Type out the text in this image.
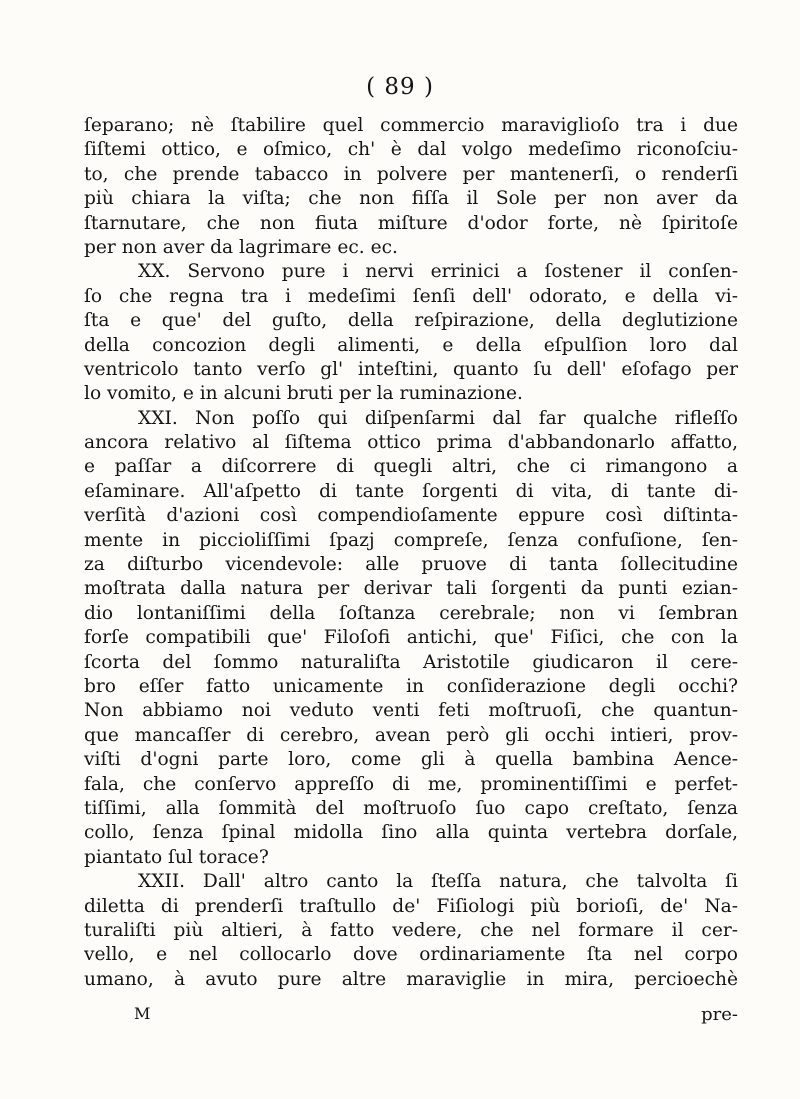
( 89 )
ſeparano; nè ſtabilire quel commercio maraviglioſo tra i due
ſiſtemi ottico, e oſmico, ch' è dal volgo medeſimo riconoſciu-
to, che prende tabacco in polvere per mantenerſi, o renderſi
più chiara la viſta; che non fiſſa il Sole per non aver da
ſtarnutare, che non fiuta miſture d'odor forte, nè ſpiritoſe
per non aver da lagrimare ec. ec.
XX. Servono pure i nervi errinici a ſostener il conſen-
ſo che regna tra i medeſimi ſenſi dell' odorato, e della vi-
ſta e que' del guſto, della reſpirazione, della deglutizione
della concozion degli alimenti, e della eſpulſion loro dal
ventricolo tanto verſo gl' inteſtini, quanto ſu dell' eſofago per
lo vomito, e in alcuni bruti per la ruminazione.
XXI. Non poſſo qui diſpenſarmi dal far qualche rifleſſo
ancora relativo al ſiſtema ottico prima d'abbandonarlo affatto,
e paſſar a diſcorrere di quegli altri, che ci rimangono a
eſaminare. All'aſpetto di tante ſorgenti di vita, di tante di-
verſità d'azioni così compendioſamente eppure così diſtinta-
mente in piccioliſſimi ſpazj compreſe, ſenza confuſione, ſen-
za diſturbo vicendevole: alle pruove di tanta ſollecitudine
moſtrata dalla natura per derivar tali ſorgenti da punti ezian-
dio lontaniſſimi della ſoſtanza cerebrale; non vi ſembran
forſe compatibili que' Filoſofi antichi, que' Fiſici, che con la
ſcorta del ſommo naturaliſta Aristotile giudicaron il cere-
bro eſſer fatto unicamente in conſiderazione degli occhi?
Non abbiamo noi veduto venti feti moſtruoſi, che quantun-
que mancaſſer di cerebro, avean però gli occhi intieri, prov-
viſti d'ogni parte loro, come gli à quella bambina Aence-
fala, che conſervo appreſſo di me, prominentiſſimi e perfet-
tiſſimi, alla ſommità del moſtruoſo ſuo capo creſtato, ſenza
collo, ſenza ſpinal midolla ſino alla quinta vertebra dorſale,
piantato ſul torace?
XXII. Dall' altro canto la ſteſſa natura, che talvolta ſi
diletta di prenderſi traſtullo de' Fiſiologi più borioſi, de' Na-
turaliſti più altieri, à fatto vedere, che nel formare il cer-
vello, e nel collocarlo dove ordinariamente ſta nel corpo
umano, à avuto pure altre maraviglie in mira, percioechè
M	pre-
